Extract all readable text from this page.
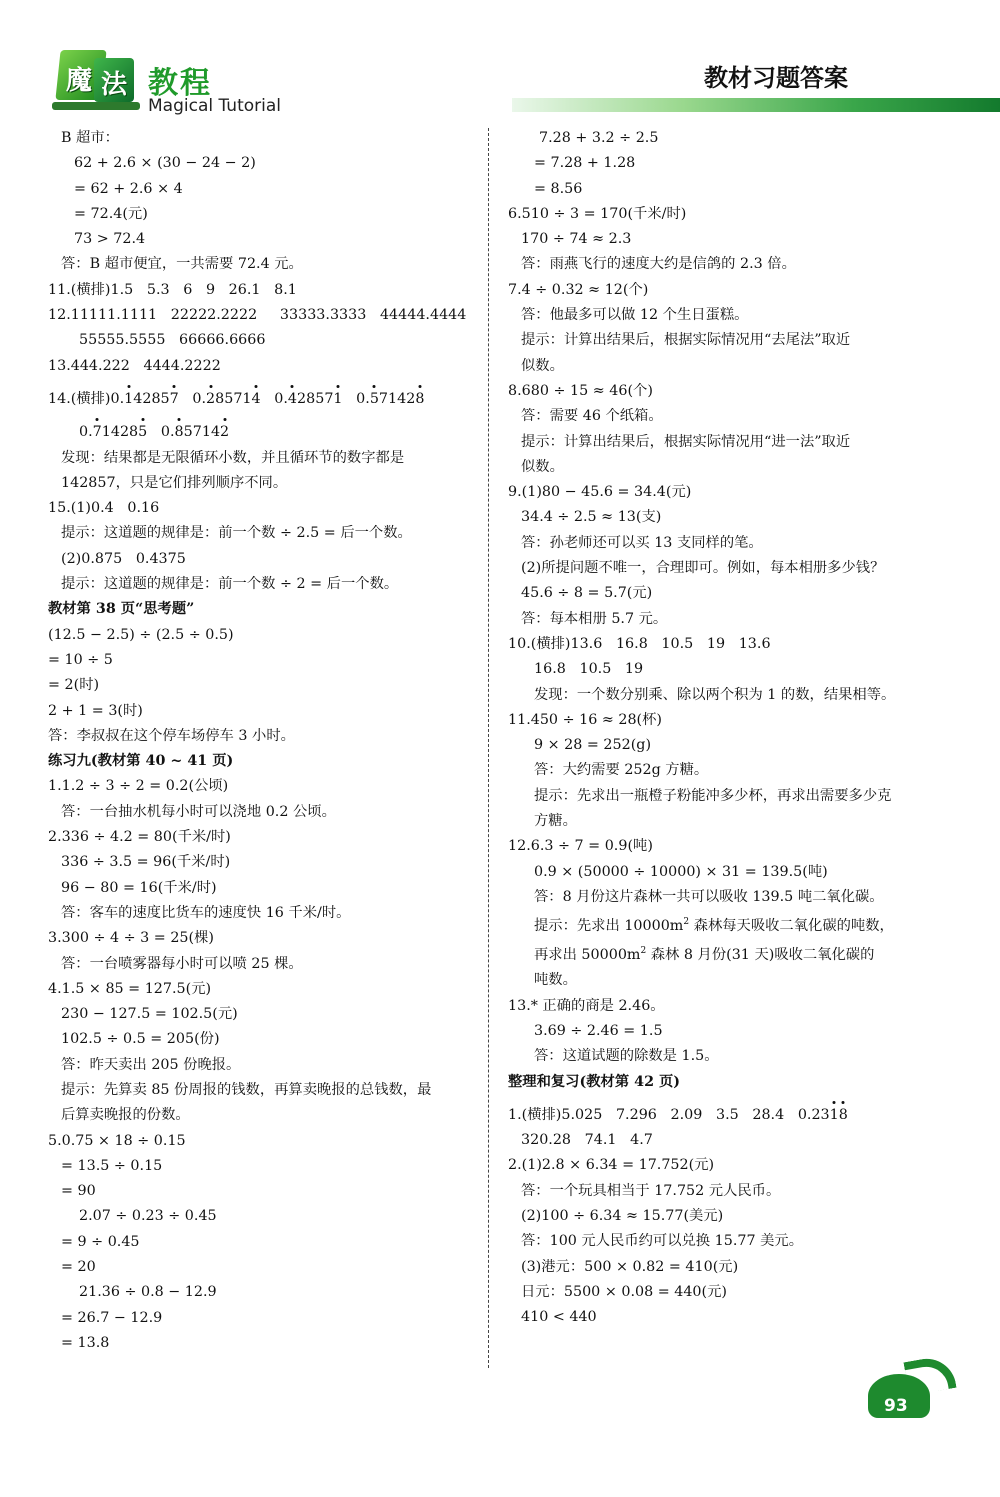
魔 法 教程
Magical Tutorial
教材习题答案
B 超市：
62 + 2.6 × (30 − 24 − 2)
= 62 + 2.6 × 4
= 72.4(元)
73 > 72.4
答：B 超市便宜，一共需要 72.4 元。
11.(横排)1.5   5.3   6   9   26.1   8.1
12.11111.1111   22222.2222     33333.3333   44444.4444
55555.5555   66666.6666
13.444.222   4444.2222
14.(横排)0.142857   0.285714   0.428571   0.571428
0.714285   0.857142
发现：结果都是无限循环小数，并且循环节的数字都是
142857，只是它们排列顺序不同。
15.(1)0.4   0.16
提示：这道题的规律是：前一个数 ÷ 2.5 = 后一个数。
(2)0.875   0.4375
提示：这道题的规律是：前一个数 ÷ 2 = 后一个数。
教材第 38 页“思考题”
(12.5 − 2.5) ÷ (2.5 ÷ 0.5)
= 10 ÷ 5
= 2(时)
2 + 1 = 3(时)
答：李叔叔在这个停车场停车 3 小时。
练习九(教材第 40 ~ 41 页)
1.1.2 ÷ 3 ÷ 2 = 0.2(公顷)
答：一台抽水机每小时可以浇地 0.2 公顷。
2.336 ÷ 4.2 = 80(千米/时)
336 ÷ 3.5 = 96(千米/时)
96 − 80 = 16(千米/时)
答：客车的速度比货车的速度快 16 千米/时。
3.300 ÷ 4 ÷ 3 = 25(棵)
答：一台喷雾器每小时可以喷 25 棵。
4.1.5 × 85 = 127.5(元)
230 − 127.5 = 102.5(元)
102.5 ÷ 0.5 = 205(份)
答：昨天卖出 205 份晚报。
提示：先算卖 85 份周报的钱数，再算卖晚报的总钱数，最
后算卖晚报的份数。
5.0.75 × 18 ÷ 0.15
= 13.5 ÷ 0.15
= 90
2.07 ÷ 0.23 ÷ 0.45
= 9 ÷ 0.45
= 20
21.36 ÷ 0.8 − 12.9
= 26.7 − 12.9
= 13.8
7.28 + 3.2 ÷ 2.5
= 7.28 + 1.28
= 8.56
6.510 ÷ 3 = 170(千米/时)
170 ÷ 74 ≈ 2.3
答：雨燕飞行的速度大约是信鸽的 2.3 倍。
7.4 ÷ 0.32 ≈ 12(个)
答：他最多可以做 12 个生日蛋糕。
提示：计算出结果后，根据实际情况用“去尾法”取近
似数。
8.680 ÷ 15 ≈ 46(个)
答：需要 46 个纸箱。
提示：计算出结果后，根据实际情况用“进一法”取近
似数。
9.(1)80 − 45.6 = 34.4(元)
34.4 ÷ 2.5 ≈ 13(支)
答：孙老师还可以买 13 支同样的笔。
(2)所提问题不唯一，合理即可。例如，每本相册多少钱？
45.6 ÷ 8 = 5.7(元)
答：每本相册 5.7 元。
10.(横排)13.6   16.8   10.5   19   13.6
16.8   10.5   19
发现：一个数分别乘、除以两个积为 1 的数，结果相等。
11.450 ÷ 16 ≈ 28(杯)
9 × 28 = 252(g)
答：大约需要 252g 方糖。
提示：先求出一瓶橙子粉能冲多少杯，再求出需要多少克
方糖。
12.6.3 ÷ 7 = 0.9(吨)
0.9 × (50000 ÷ 10000) × 31 = 139.5(吨)
答：8 月份这片森林一共可以吸收 139.5 吨二氧化碳。
提示：先求出 $10000m^2$ 森林每天吸收二氧化碳的吨数，
再求出 $50000m^2$ 森林 8 月份(31 天)吸收二氧化碳的
吨数。
13.* 正确的商是 2.46。
3.69 ÷ 2.46 = 1.5
答：这道试题的除数是 1.5。
整理和复习(教材第 42 页)
1.(横排)5.025   7.296   2.09   3.5   28.4   0.2318
320.28   74.1   4.7
2.(1)2.8 × 6.34 = 17.752(元)
答：一个玩具相当于 17.752 元人民币。
(2)100 ÷ 6.34 ≈ 15.77(美元)
答：100 元人民币约可以兑换 15.77 美元。
(3)港元：500 × 0.82 = 410(元)
日元：5500 × 0.08 = 440(元)
410 < 440
93
